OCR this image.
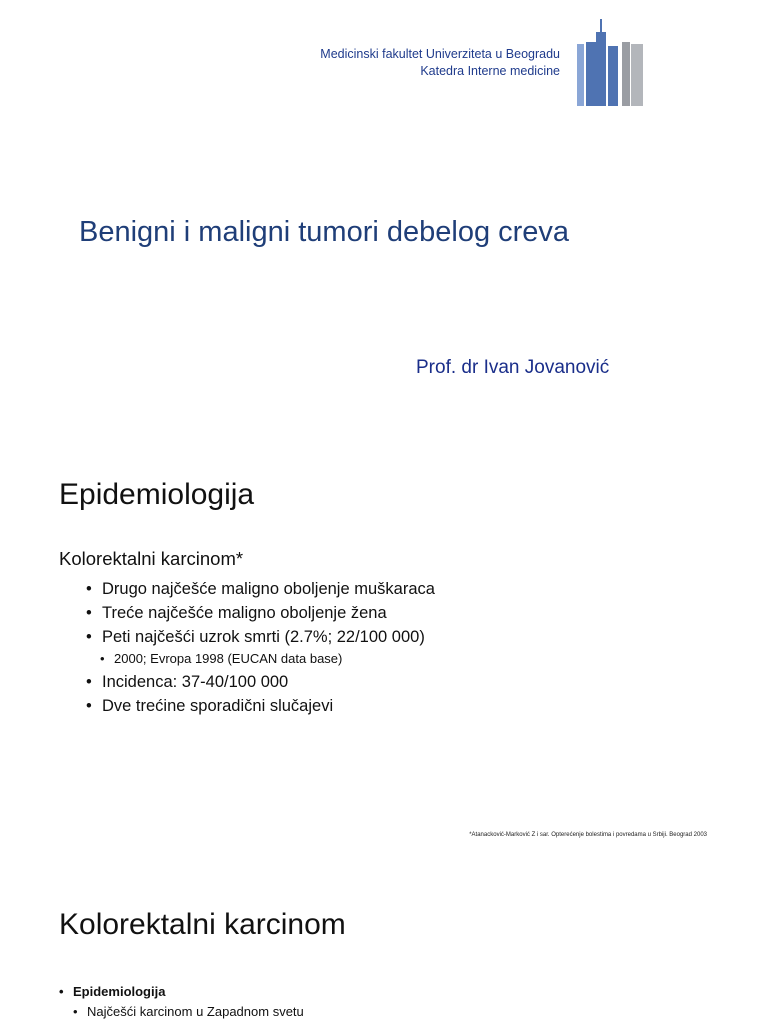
Medicinski fakultet Univerziteta u Beogradu
Katedra Interne medicine
Benigni i maligni tumori debelog creva
Prof. dr Ivan Jovanović
Epidemiologija
Kolorektalni karcinom*
• Drugo najčešće maligno oboljenje muškaraca
• Treće najčešće maligno oboljenje žena
• Peti najčešći uzrok smrti (2.7%; 22/100 000)
• 2000; Evropa 1998 (EUCAN data base)
• Incidenca: 37-40/100 000
• Dve trećine sporadični slučajevi
*Atanacković-Marković Z i sar. Opterećenje bolestima i povredama u Srbiji. Beograd 2003
Kolorektalni karcinom
• Epidemiologija
• Najčešći karcinom u Zapadnom svetu
